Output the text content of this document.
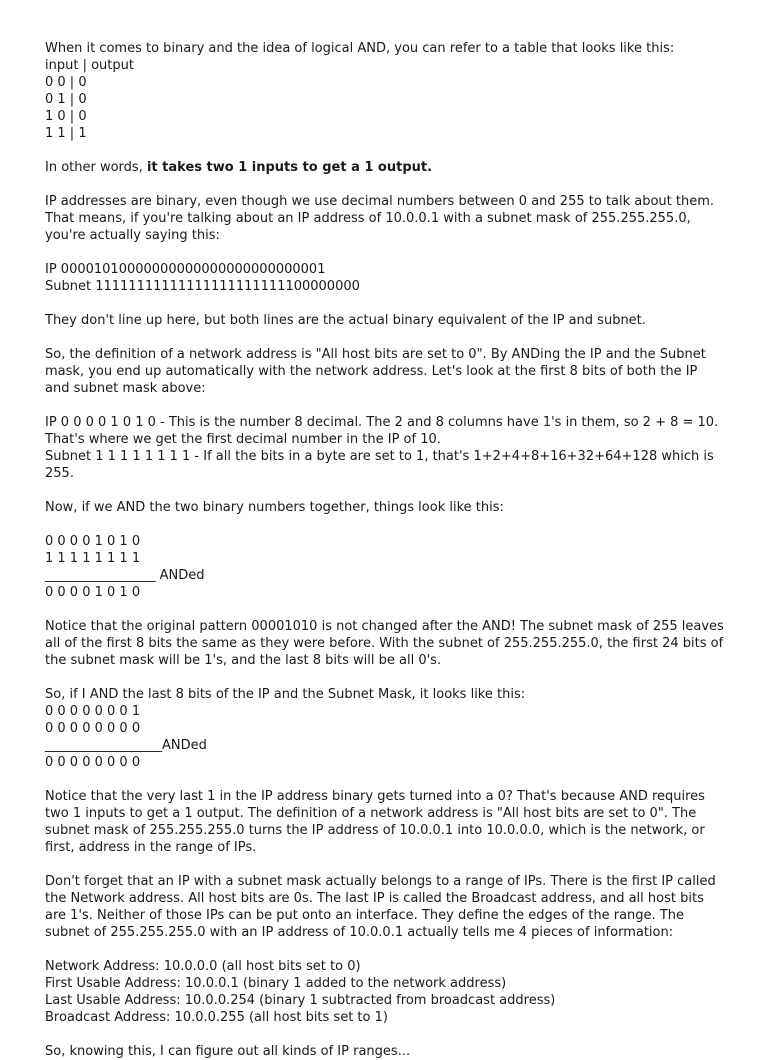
When it comes to binary and the idea of logical AND, you can refer to a table that looks like this:
input | output
0 0 | 0
0 1 | 0
1 0 | 0
1 1 | 1
In other words, it takes two 1 inputs to get a 1 output.
IP addresses are binary, even though we use decimal numbers between 0 and 255 to talk about them. That means, if you're talking about an IP address of 10.0.0.1 with a subnet mask of 255.255.255.0, you're actually saying this:
IP 00001010000000000000000000000001
Subnet 11111111111111111111111100000000
They don't line up here, but both lines are the actual binary equivalent of the IP and subnet.
So, the definition of a network address is "All host bits are set to 0". By ANDing the IP and the Subnet mask, you end up automatically with the network address. Let's look at the first 8 bits of both the IP and subnet mask above:
IP 0 0 0 0 1 0 1 0 - This is the number 8 decimal. The 2 and 8 columns have 1's in them, so 2 + 8 = 10. That's where we get the first decimal number in the IP of 10.
Subnet 1 1 1 1 1 1 1 1 - If all the bits in a byte are set to 1, that's 1+2+4+8+16+32+64+128 which is 255.
Now, if we AND the two binary numbers together, things look like this:
0 0 0 0 1 0 1 0
1 1 1 1 1 1 1 1
_________________ ANDed
0 0 0 0 1 0 1 0
Notice that the original pattern 00001010 is not changed after the AND! The subnet mask of 255 leaves all of the first 8 bits the same as they were before. With the subnet of 255.255.255.0, the first 24 bits of the subnet mask will be 1's, and the last 8 bits will be all 0's.
So, if I AND the last 8 bits of the IP and the Subnet Mask, it looks like this:
0 0 0 0 0 0 0 1
0 0 0 0 0 0 0 0
__________________ANDed
0 0 0 0 0 0 0 0
Notice that the very last 1 in the IP address binary gets turned into a 0? That's because AND requires two 1 inputs to get a 1 output. The definition of a network address is "All host bits are set to 0". The subnet mask of 255.255.255.0 turns the IP address of 10.0.0.1 into 10.0.0.0, which is the network, or first, address in the range of IPs.
Don't forget that an IP with a subnet mask actually belongs to a range of IPs. There is the first IP called the Network address. All host bits are 0s. The last IP is called the Broadcast address, and all host bits are 1's. Neither of those IPs can be put onto an interface. They define the edges of the range. The subnet of 255.255.255.0 with an IP address of 10.0.0.1 actually tells me 4 pieces of information:
Network Address: 10.0.0.0 (all host bits set to 0)
First Usable Address: 10.0.0.1 (binary 1 added to the network address)
Last Usable Address: 10.0.0.254 (binary 1 subtracted from broadcast address)
Broadcast Address: 10.0.0.255 (all host bits set to 1)
So, knowing this, I can figure out all kinds of IP ranges...
